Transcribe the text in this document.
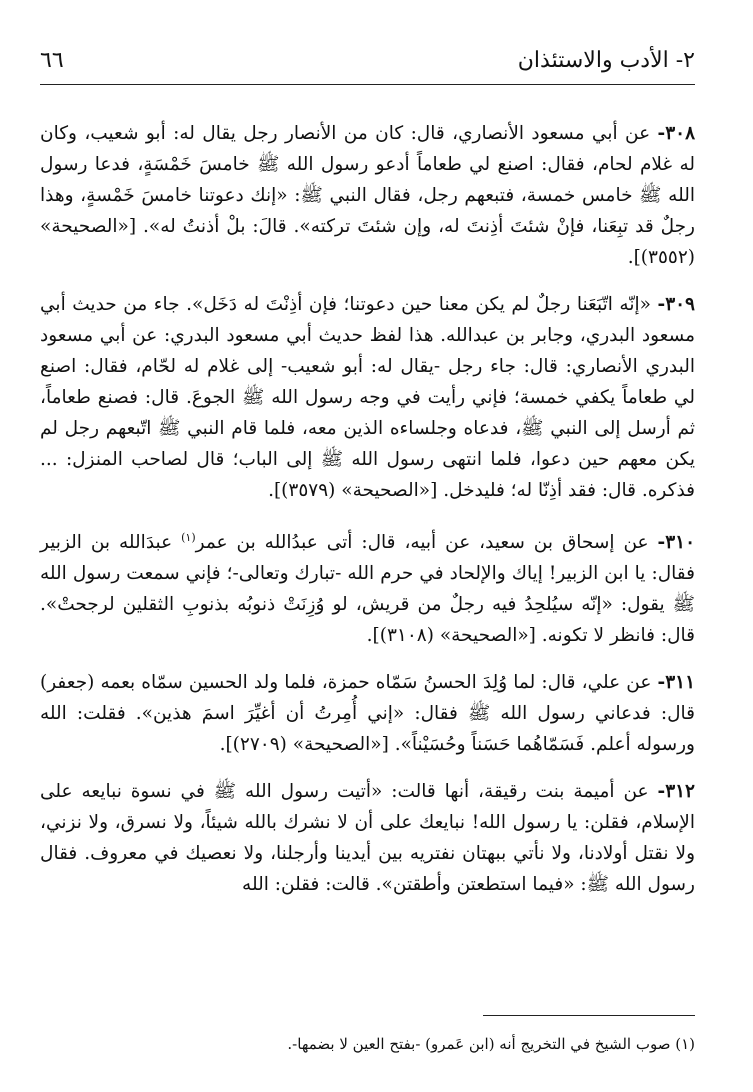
٢- الأدب والاستئذان
٦٦

٣٠٨- عن أبي مسعود الأنصاري، قال: كان من الأنصار رجل يقال له: أبو شعيب، وكان له غلام لحام، فقال: اصنع لي طعاماً أدعو رسول الله ﷺ خامسَ خَمْسَةٍ، فدعا رسول الله ﷺ خامس خمسة، فتبعهم رجل، فقال النبي ﷺ: «إنك دعوتنا خامسَ خَمْسةٍ، وهذا رجلٌ قد تبِعَنا، فإنْ شئتَ أذِنتَ له، وإن شئتَ تركته». قالَ: بلْ أذنتُ له». [«الصحيحة» (٣٥٥٢)].

٣٠٩- «إنّه اتّبَعَنا رجلٌ لم يكن معنا حين دعوتنا؛ فإن أذِنْتَ له دَخَل». جاء من حديث أبي مسعود البدري، وجابر بن عبدالله. هذا لفظ حديث أبي مسعود البدري: عن أبي مسعود البدري الأنصاري: قال: جاء رجل -يقال له: أبو شعيب- إلى غلام له لحّام، فقال: اصنع لي طعاماً يكفي خمسة؛ فإني رأيت في وجه رسول الله ﷺ الجوعَ. قال: فصنع طعاماً، ثم أرسل إلى النبي ﷺ، فدعاه وجلساءه الذين معه، فلما قام النبي ﷺ اتّبعهم رجل لم يكن معهم حين دعوا، فلما انتهى رسول الله ﷺ إلى الباب؛ قال لصاحب المنزل: ... فذكره. قال: فقد أذِنّا له؛ فليدخل. [«الصحيحة» (٣٥٧٩)].

٣١٠- عن إسحاق بن سعيد، عن أبيه، قال: أتى عبدُالله بن عمر$^{(١)}$ عبدَالله بن الزبير فقال: يا ابن الزبير! إياك والإلحاد في حرم الله -تبارك وتعالى-؛ فإني سمعت رسول الله ﷺ يقول: «إنّه سيُلحِدُ فيه رجلٌ من قريش، لو وُزِنَتْ ذنوبُه بذنوبِ الثقلين لرجحتْ». قال: فانظر لا تكونه. [«الصحيحة» (٣١٠٨)].

٣١١- عن علي، قال: لما وُلِدَ الحسنُ سَمّاه حمزة، فلما ولد الحسين سمّاه بعمه (جعفر) قال: فدعاني رسول الله ﷺ فقال: «إني أُمِرتُ أن أغيِّرَ اسمَ هذين». فقلت: الله ورسوله أعلم. فَسَمّاهُما حَسَناً وحُسَيْناً». [«الصحيحة» (٢٧٠٩)].

٣١٢- عن أميمة بنت رقيقة، أنها قالت: «أتيت رسول الله ﷺ في نسوة نبايعه على الإسلام، فقلن: يا رسول الله! نبايعك على أن لا نشرك بالله شيئاً، ولا نسرق، ولا نزني، ولا نقتل أولادنا، ولا نأتي ببهتان نفتريه بين أيدينا وأرجلنا، ولا نعصيك في معروف. فقال رسول الله ﷺ: «فيما استطعتن وأطقتن». قالت: فقلن: الله

(١) صوب الشيخ في التخريج أنه (ابن عَمرو) -بفتح العين لا بضمها-.
